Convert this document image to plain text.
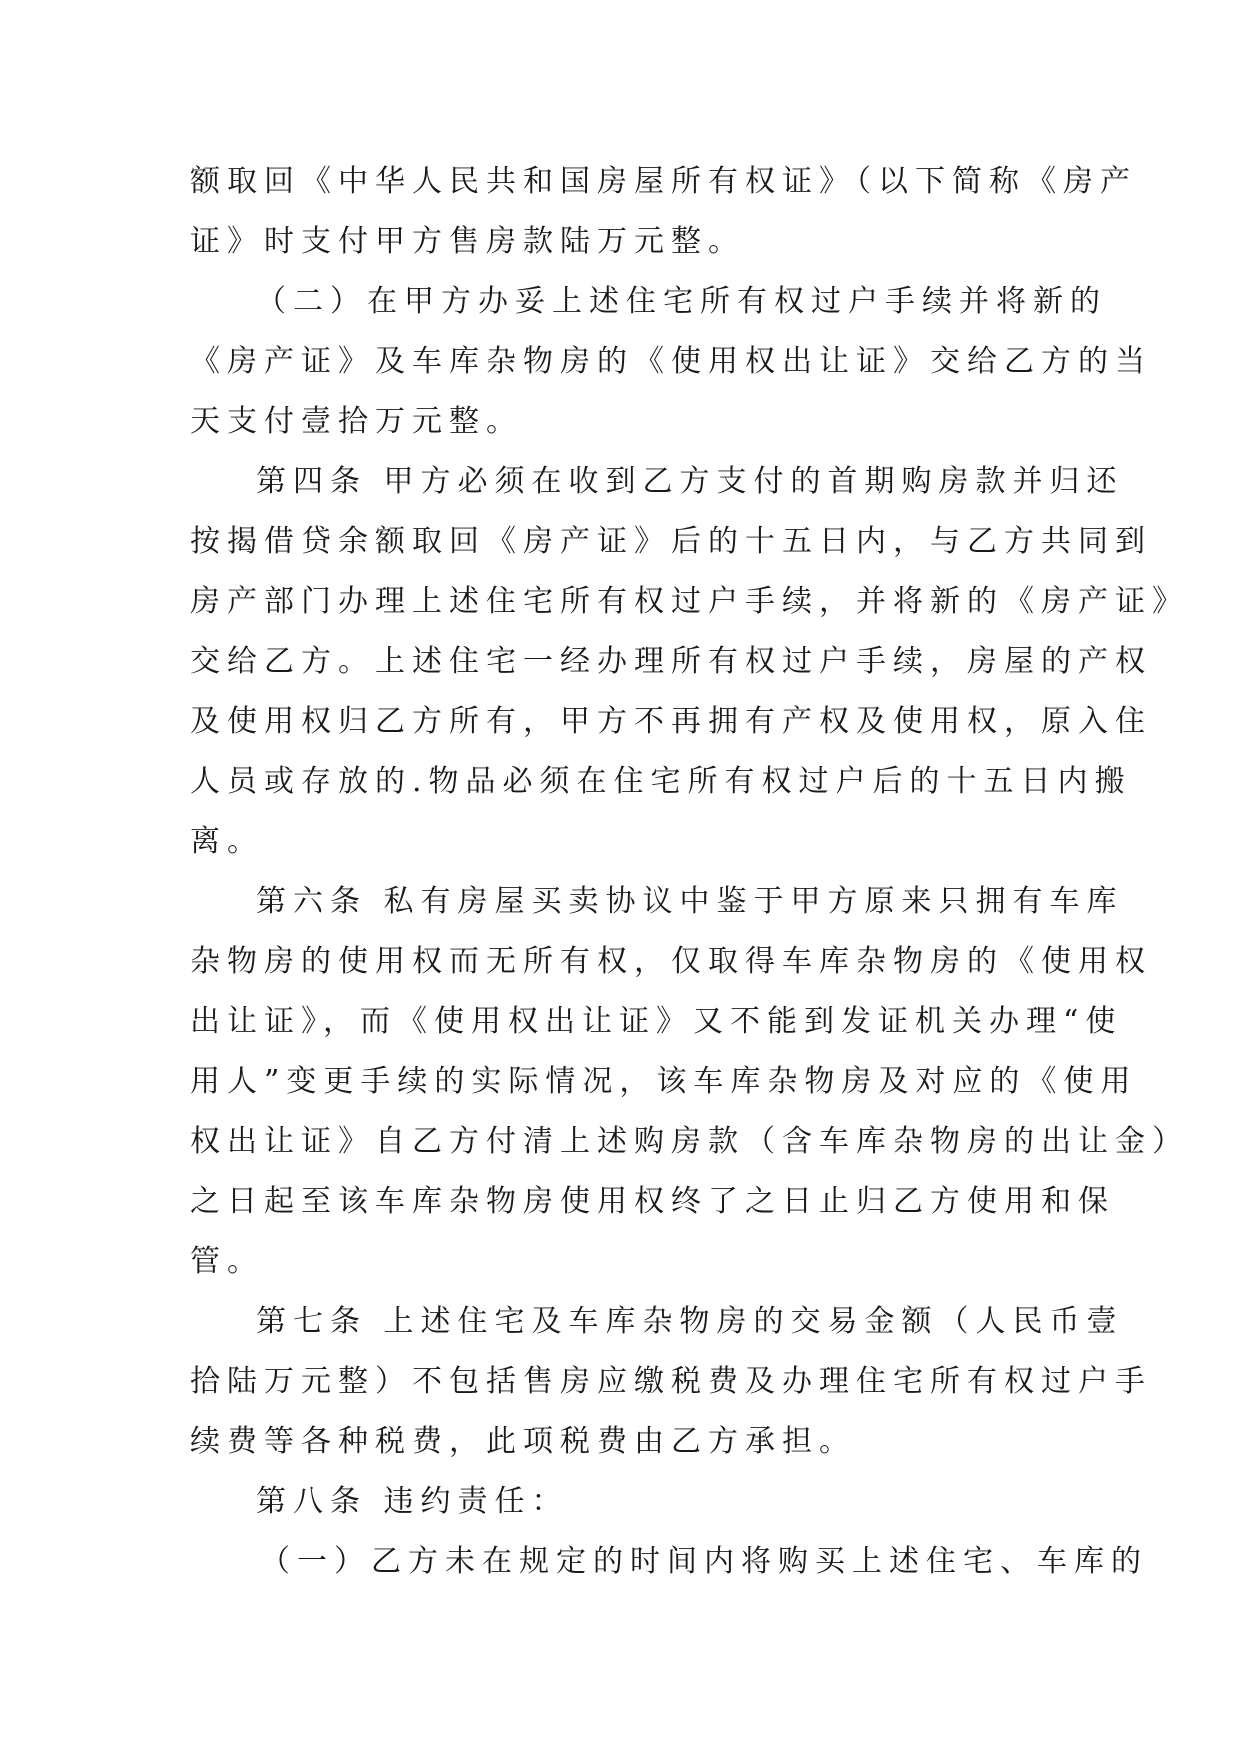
额取回《中华人民共和国房屋所有权证》（以下简称《房产
证》时支付甲方售房款陆万元整。
（二）在甲方办妥上述住宅所有权过户手续并将新的
《房产证》及车库杂物房的《使用权出让证》交给乙方的当
天支付壹拾万元整。
第四条 甲方必须在收到乙方支付的首期购房款并归还
按揭借贷余额取回《房产证》后的十五日内，与乙方共同到
房产部门办理上述住宅所有权过户手续，并将新的《房产证》
交给乙方。上述住宅一经办理所有权过户手续，房屋的产权
及使用权归乙方所有，甲方不再拥有产权及使用权，原入住
人员或存放的.物品必须在住宅所有权过户后的十五日内搬
离。
第六条 私有房屋买卖协议中鉴于甲方原来只拥有车库
杂物房的使用权而无所有权，仅取得车库杂物房的《使用权
出让证》，而《使用权出让证》又不能到发证机关办理“使
用人”变更手续的实际情况，该车库杂物房及对应的《使用
权出让证》自乙方付清上述购房款（含车库杂物房的出让金）
之日起至该车库杂物房使用权终了之日止归乙方使用和保
管。
第七条 上述住宅及车库杂物房的交易金额（人民币壹
拾陆万元整）不包括售房应缴税费及办理住宅所有权过户手
续费等各种税费，此项税费由乙方承担。
第八条 违约责任：
（一）乙方未在规定的时间内将购买上述住宅、车库的
